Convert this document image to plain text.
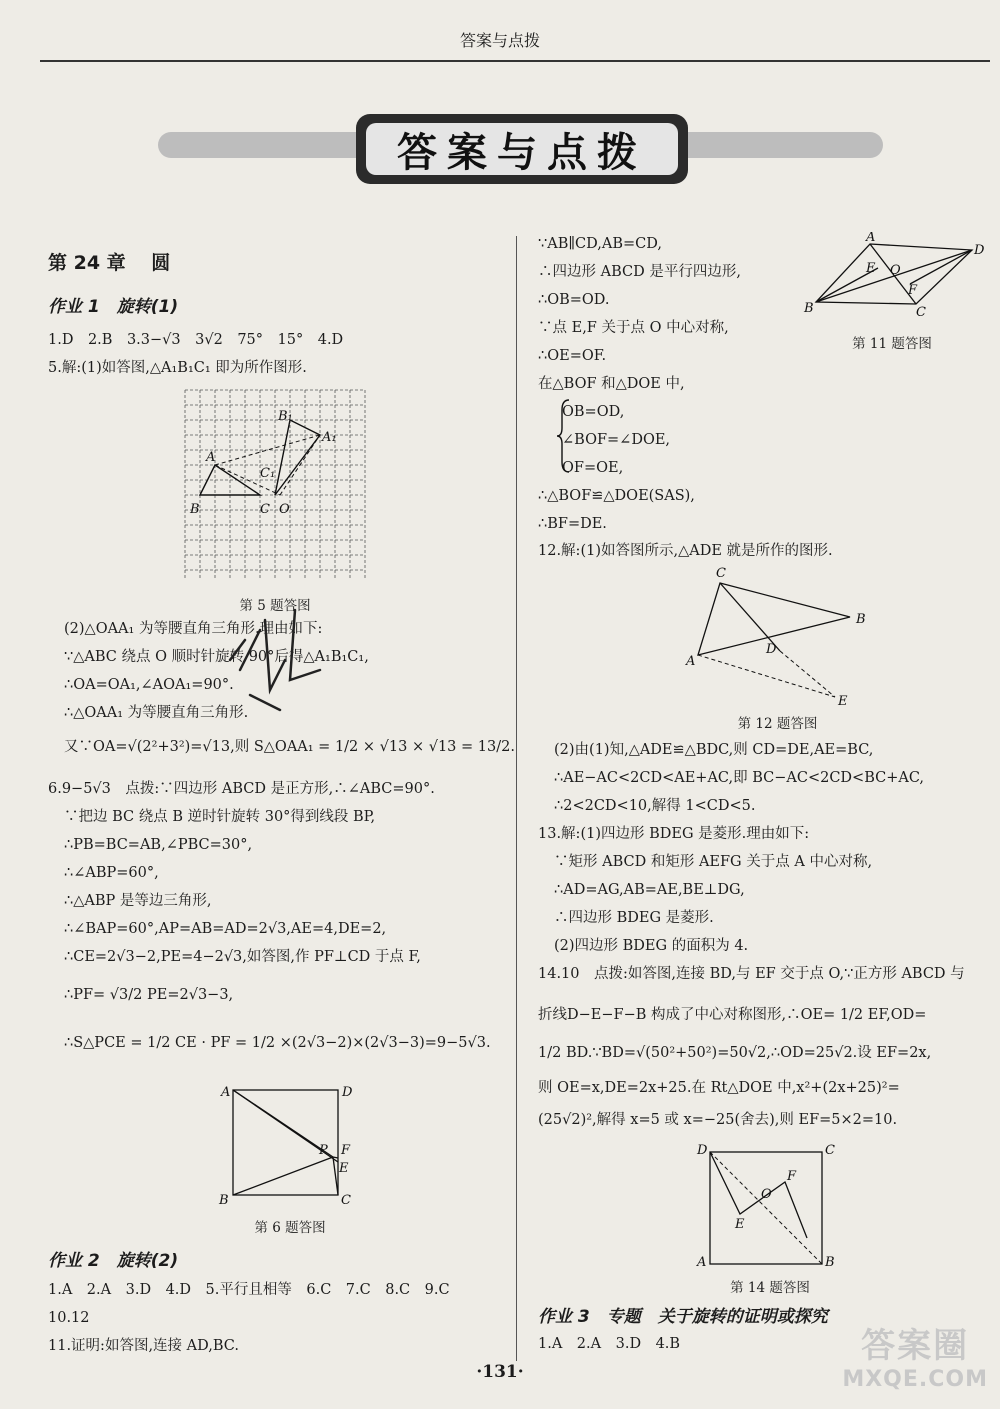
答案与点拨
答案与点拨
第 24 章　 圆
作业 1　旋转(1)
1.D　2.B　3.3−√3　3√2　75°　15°　4.D
5.解:(1)如答图,△A₁B₁C₁ 即为所作图形.
A
B	C O
A₁
B₁
C₁
第 5 题答图
(2)△OAA₁ 为等腰直角三角形.理由如下:
∵△ABC 绕点 O 顺时针旋转 90°后得△A₁B₁C₁,
∴OA=OA₁,∠AOA₁=90°.
∴△OAA₁ 为等腰直角三角形.
又∵OA=√(2²+3²)=√13,则 S△OAA₁ = 1/2 × √13 × √13 = 13/2.
6.9−5√3　点拨:∵四边形 ABCD 是正方形,∴∠ABC=90°.
∵把边 BC 绕点 B 逆时针旋转 30°得到线段 BP,
∴PB=BC=AB,∠PBC=30°,
∴∠ABP=60°,
∴△ABP 是等边三角形,
∴∠BAP=60°,AP=AB=AD=2√3,AE=4,DE=2,
∴CE=2√3−2,PE=4−2√3,如答图,作 PF⊥CD 于点 F,
∴PF= √3/2 PE=2√3−3,
∴S△PCE = 1/2 CE · PF = 1/2 ×(2√3−2)×(2√3−3)=9−5√3.
A	D
B	C
P F
E
第 6 题答图
作业 2　旋转(2)
1.A　2.A　3.D　4.D　5.平行且相等　6.C　7.C　8.C　9.C
10.12
11.证明:如答图,连接 AD,BC.
∵AB∥CD,AB=CD,
∴四边形 ABCD 是平行四边形,
∴OB=OD.
∵点 E,F 关于点 O 中心对称,
∴OE=OF.
在△BOF 和△DOE 中,
OB=OD,
∠BOF=∠DOE,
OF=OE,
∴△BOF≌△DOE(SAS),
∴BF=DE.
12.解:(1)如答图所示,△ADE 就是所作的图形.
A
D
B	C
E O
F
第 11 题答图
C
B
A
D
E
第 12 题答图
(2)由(1)知,△ADE≌△BDC,则 CD=DE,AE=BC,
∴AE−AC<2CD<AE+AC,即 BC−AC<2CD<BC+AC,
∴2<2CD<10,解得 1<CD<5.
13.解:(1)四边形 BDEG 是菱形.理由如下:
∵矩形 ABCD 和矩形 AEFG 关于点 A 中心对称,
∴AD=AG,AB=AE,BE⊥DG,
∴四边形 BDEG 是菱形.
(2)四边形 BDEG 的面积为 4.
14.10　点拨:如答图,连接 BD,与 EF 交于点 O,∵正方形 ABCD 与
折线D−E−F−B 构成了中心对称图形,∴OE= 1/2 EF,OD=
1/2 BD.∵BD=√(50²+50²)=50√2,∴OD=25√2.设 EF=2x,
则 OE=x,DE=2x+25.在 Rt△DOE 中,x²+(2x+25)²=
(25√2)²,解得 x=5 或 x=−25(舍去),则 EF=5×2=10.
D	C
A	B
E
F
O
第 14 题答图
作业 3　专题　关于旋转的证明或探究
1.A　2.A　3.D　4.B
·131·
答案圈
MXQE.COM
